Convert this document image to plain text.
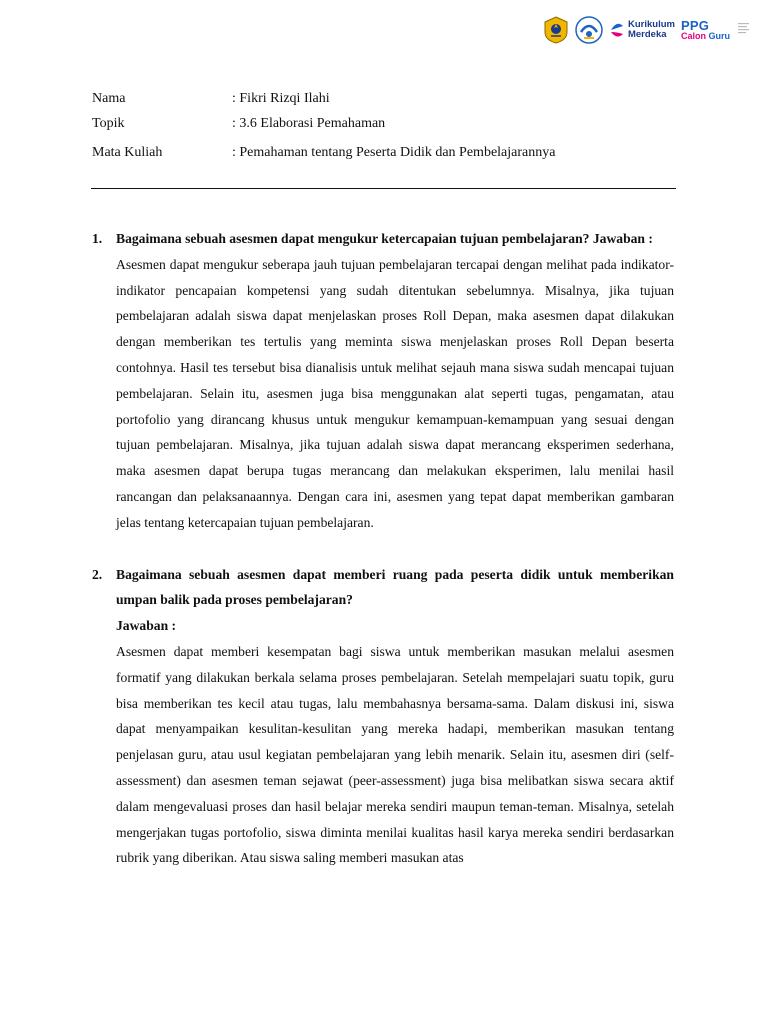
Kurikulum
Merdeka
PPG
Calon Guru
Nama	: Fikri Rizqi Ilahi
Topik	: 3.6 Elaborasi Pemahaman
Mata Kuliah	: Pemahaman tentang Peserta Didik dan Pembelajarannya
1. Bagaimana sebuah asesmen dapat mengukur ketercapaian tujuan pembelajaran? Jawaban :
Asesmen dapat mengukur seberapa jauh tujuan pembelajaran tercapai dengan melihat pada indikator-indikator pencapaian kompetensi yang sudah ditentukan sebelumnya. Misalnya, jika tujuan pembelajaran adalah siswa dapat menjelaskan proses Roll Depan, maka asesmen dapat dilakukan dengan memberikan tes tertulis yang meminta siswa menjelaskan proses Roll Depan beserta contohnya. Hasil tes tersebut bisa dianalisis untuk melihat sejauh mana siswa sudah mencapai tujuan pembelajaran. Selain itu, asesmen juga bisa menggunakan alat seperti tugas, pengamatan, atau portofolio yang dirancang khusus untuk mengukur kemampuan-kemampuan yang sesuai dengan tujuan pembelajaran. Misalnya, jika tujuan adalah siswa dapat merancang eksperimen sederhana, maka asesmen dapat berupa tugas merancang dan melakukan eksperimen, lalu menilai hasil rancangan dan pelaksanaannya. Dengan cara ini, asesmen yang tepat dapat memberikan gambaran jelas tentang ketercapaian tujuan pembelajaran.
2. Bagaimana sebuah asesmen dapat memberi ruang pada peserta didik untuk memberikan umpan balik pada proses pembelajaran?
Jawaban :
Asesmen dapat memberi kesempatan bagi siswa untuk memberikan masukan melalui asesmen formatif yang dilakukan berkala selama proses pembelajaran. Setelah mempelajari suatu topik, guru bisa memberikan tes kecil atau tugas, lalu membahasnya bersama-sama. Dalam diskusi ini, siswa dapat menyampaikan kesulitan-kesulitan yang mereka hadapi, memberikan masukan tentang penjelasan guru, atau usul kegiatan pembelajaran yang lebih menarik. Selain itu, asesmen diri (self-assessment) dan asesmen teman sejawat (peer-assessment) juga bisa melibatkan siswa secara aktif dalam mengevaluasi proses dan hasil belajar mereka sendiri maupun teman-teman. Misalnya, setelah mengerjakan tugas portofolio, siswa diminta menilai kualitas hasil karya mereka sendiri berdasarkan rubrik yang diberikan. Atau siswa saling memberi masukan atas
